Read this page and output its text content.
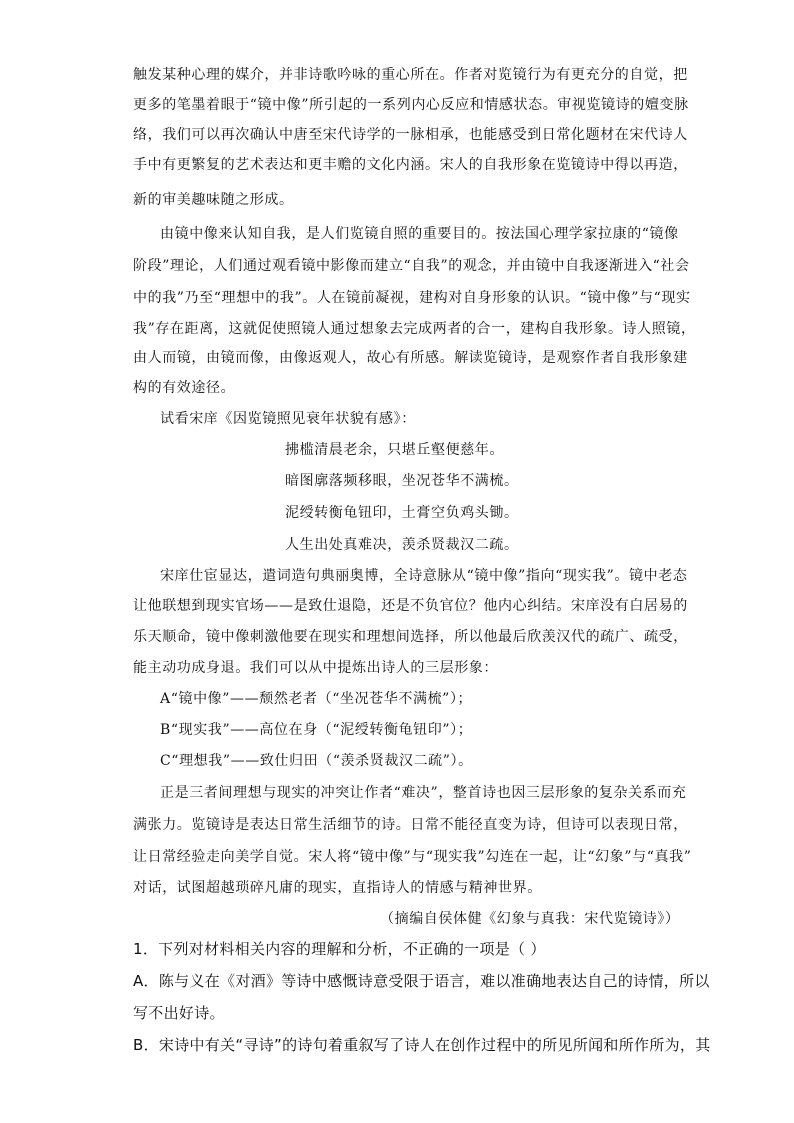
触发某种心理的媒介，并非诗歌吟咏的重心所在。作者对览镜行为有更充分的自觉，把
更多的笔墨着眼于“镜中像”所引起的一系列内心反应和情感状态。审视览镜诗的嬗变脉
络，我们可以再次确认中唐至宋代诗学的一脉相承，也能感受到日常化题材在宋代诗人
手中有更繁复的艺术表达和更丰赡的文化内涵。宋人的自我形象在览镜诗中得以再造，
新的审美趣味随之形成。
由镜中像来认知自我，是人们览镜自照的重要目的。按法国心理学家拉康的“镜像
阶段”理论，人们通过观看镜中影像而建立“自我”的观念，并由镜中自我逐渐进入“社会
中的我”乃至“理想中的我”。人在镜前凝视，建构对自身形象的认识。“镜中像”与“现实
我”存在距离，这就促使照镜人通过想象去完成两者的合一，建构自我形象。诗人照镜，
由人而镜，由镜而像，由像返观人，故心有所感。解读览镜诗，是观察作者自我形象建
构的有效途径。
试看宋庠《因览镜照见衰年状貌有感》：
拂槛清晨老余，只堪丘壑便慈年。
暗图廓落频移眼，坐况苍华不满梳。
泥绶转衡龟钮印，土膏空负鸡头锄。
人生出处真难决，羡杀贤裁汉二疏。
宋庠仕宦显达，遣词造句典丽奥博，全诗意脉从“镜中像”指向“现实我”。镜中老态
让他联想到现实官场——是致仕退隐，还是不负官位？他内心纠结。宋庠没有白居易的
乐天顺命，镜中像刺激他要在现实和理想间选择，所以他最后欣羡汉代的疏广、疏受，
能主动功成身退。我们可以从中提炼出诗人的三层形象：
A“镜中像”——颓然老者（“坐况苍华不满梳”）；
B“现实我”——高位在身（“泥绶转衡龟钮印”）；
C“理想我”——致仕归田（“羡杀贤裁汉二疏”）。
正是三者间理想与现实的冲突让作者“难决”，整首诗也因三层形象的复杂关系而充
满张力。览镜诗是表达日常生活细节的诗。日常不能径直变为诗，但诗可以表现日常，
让日常经验走向美学自觉。宋人将“镜中像”与“现实我”勾连在一起，让“幻象”与“真我”
对话，试图超越琐碎凡庸的现实，直指诗人的情感与精神世界。
（摘编自侯体健《幻象与真我：宋代览镜诗》）
1．下列对材料相关内容的理解和分析，不正确的一项是（ ）
A．陈与义在《对酒》等诗中感慨诗意受限于语言，难以准确地表达自己的诗情，所以
写不出好诗。
B．宋诗中有关“寻诗”的诗句着重叙写了诗人在创作过程中的所见所闻和所作所为，其
